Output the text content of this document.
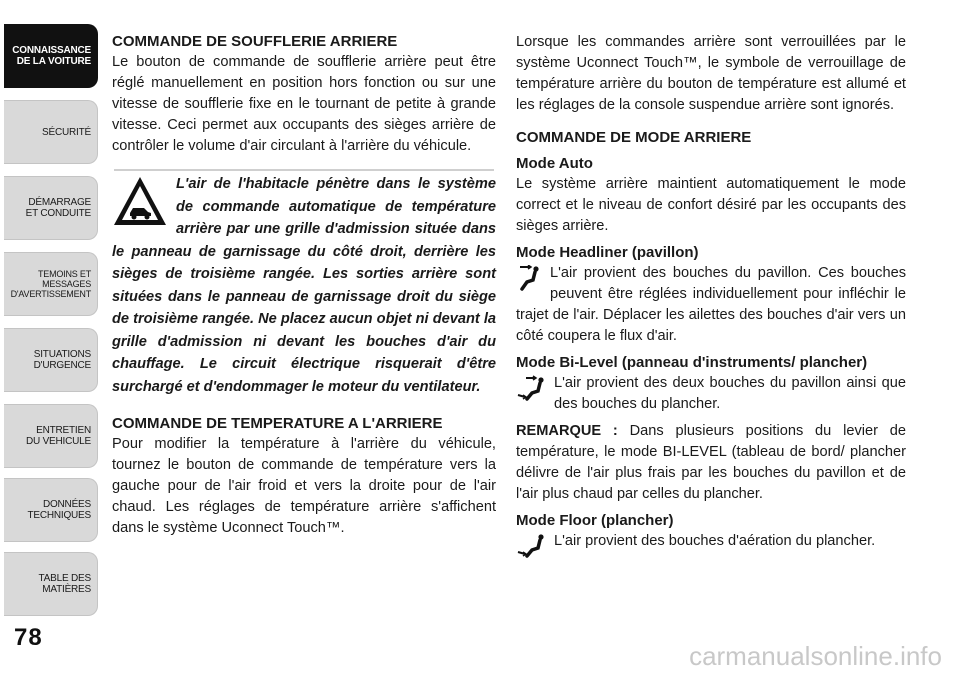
CONNAISSANCE
DE LA VOITURE
SÉCURITÉ
DÉMARRAGE
ET CONDUITE
TEMOINS ET
MESSAGES
D'AVERTISSEMENT
SITUATIONS
D'URGENCE
ENTRETIEN
DU VEHICULE
DONNÉES
TECHNIQUES
TABLE DES
MATIÈRES
78
COMMANDE DE SOUFFLERIE ARRIERE
Le bouton de commande de soufflerie arrière peut être réglé manuellement en position hors fonction ou sur une vitesse de soufflerie fixe en le tournant de petite à grande vitesse. Ceci permet aux occupants des sièges arrière de contrôler le volume d'air circulant à l'arrière du véhicule.
L'air de l'habitacle pénètre dans le système de commande automatique de température arrière par une grille d'admission située dans le panneau de garnissage du côté droit, derrière les sièges de troisième rangée. Les sorties arrière sont situées dans le panneau de garnissage droit du siège de troisième rangée. Ne placez aucun objet ni devant la grille d'admission ni devant les bouches d'air du chauffage. Le circuit électrique risquerait d'être surchargé et d'endommager le moteur du ventilateur.
COMMANDE DE TEMPERATURE A L'ARRIERE
Pour modifier la température à l'arrière du véhicule, tournez le bouton de commande de température vers la gauche pour de l'air froid et vers la droite pour de l'air chaud. Les réglages de température arrière s'affichent dans le système Uconnect Touch™.
Lorsque les commandes arrière sont verrouillées par le système Uconnect Touch™, le symbole de verrouillage de température arrière du bouton de température est allumé et les réglages de la console suspendue arrière sont ignorés.
COMMANDE DE MODE ARRIERE
Mode Auto
Le système arrière maintient automatiquement le mode correct et le niveau de confort désiré par les occupants des sièges arrière.
Mode Headliner (pavillon)
L'air provient des bouches du pavillon. Ces bouches peuvent être réglées individuellement pour infléchir le trajet de l'air. Déplacer les ailettes des bouches d'air vers un côté coupera le flux d'air.
Mode Bi-Level (panneau d'instruments/ plancher)
L'air provient des deux bouches du pavillon ainsi que des bouches du plancher.
REMARQUE : Dans plusieurs positions du levier de température, le mode BI-LEVEL (tableau de bord/ plancher délivre de l'air plus frais par les bouches du pavillon et de l'air plus chaud par celles du plancher.
Mode Floor (plancher)
L'air provient des bouches d'aération du plancher.
carmanualsonline.info
